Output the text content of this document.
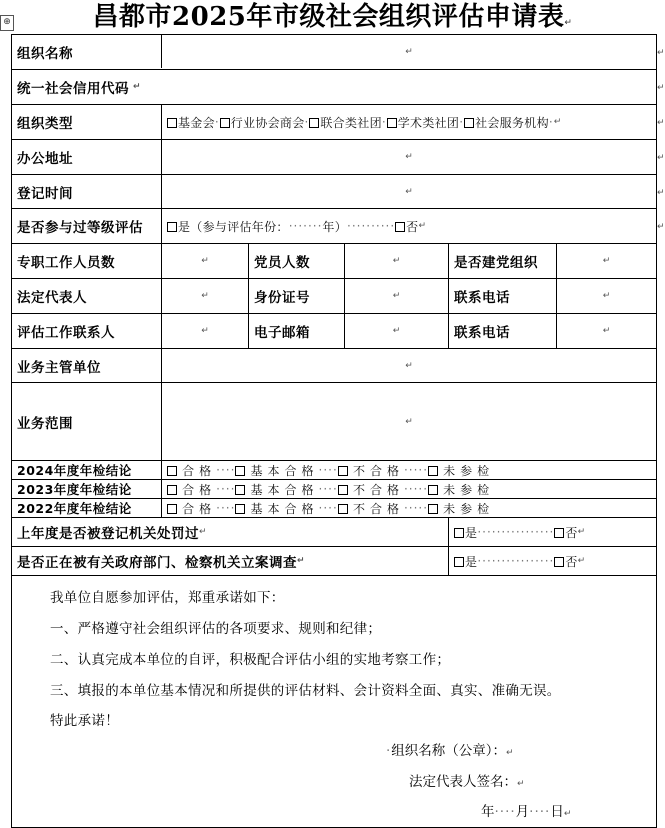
⊕	昌都市2025年市级社会组织评估申请表↵
组织名称	↵
统一社会信用代码 ↵
组织类型	基金会 · 行业协会商会 · 联合类社团 · 学术类社团 · 社会服务机构 · ↵
办公地址	↵
登记时间	↵
是否参与过等级评估	是（参与评估年份： ······· 年） ·········· 否 ↵
专职工作人员数	↵	党员人数	↵	是否建党组织	↵
法定代表人	↵	身份证号	↵	联系电话	↵
评估工作联系人	↵	电子邮箱	↵	联系电话	↵
业务主管单位	↵
业务范围	↵
2024年度年检结论	合格 ····	基本合格 ····	不合格 ·····	未参检
2023年度年检结论	合格 ····	基本合格 ····	不合格 ·····	未参检
2022年度年检结论	合格 ····	基本合格 ····	不合格 ·····	未参检
上年度是否被登记机关处罚过 ↵	是 ················ 否 ↵
是否正在被有关政府部门、检察机关立案调查 ↵	是 ················ 否 ↵
我单位自愿参加评估，郑重承诺如下：
一、严格遵守社会组织评估的各项要求、规则和纪律；
二、认真完成本单位的自评，积极配合评估小组的实地考察工作；
三、填报的本单位基本情况和所提供的评估材料、会计资料全面、真实、准确无误。
特此承诺！
·组织名称（公章）：↵
法定代表人签名：↵
年····月····日↵
↵
↵
↵
↵
↵
↵
